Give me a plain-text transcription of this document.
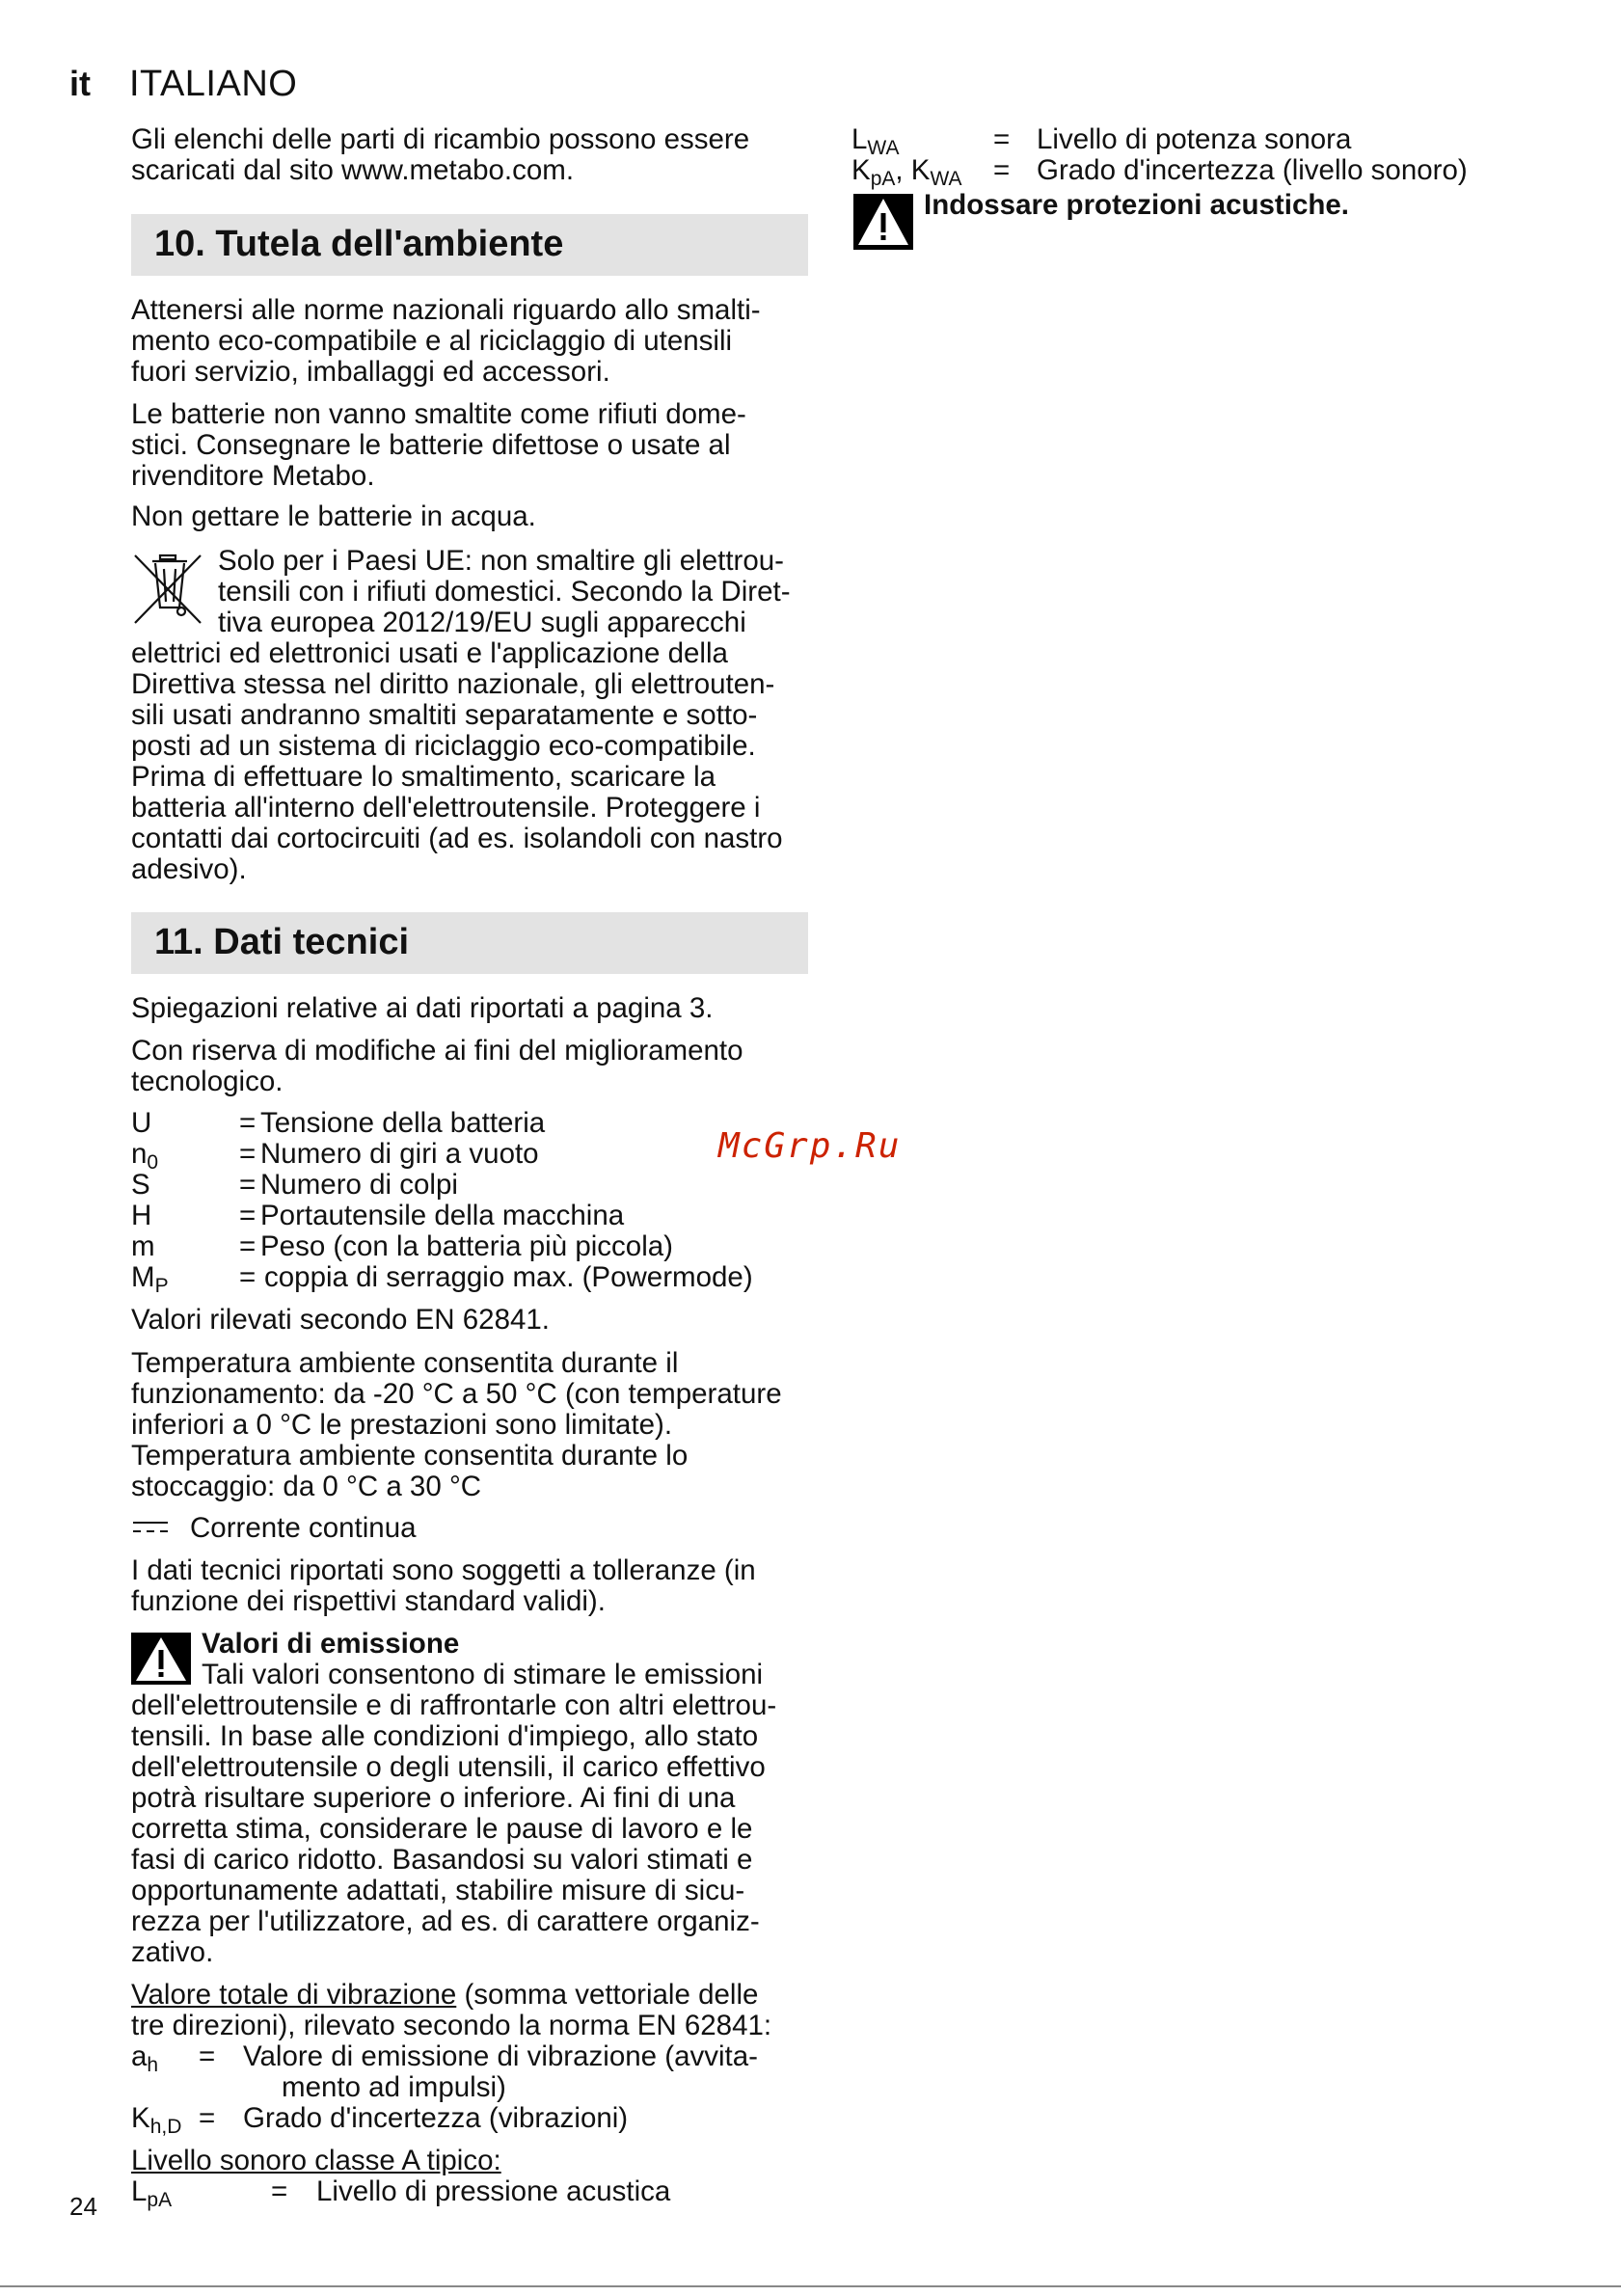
it ITALIANO

Gli elenchi delle parti di ricambio possono essere scaricati dal sito www.metabo.com.

10. Tutela dell'ambiente
Attenersi alle norme nazionali riguardo allo smalti-
mento eco-compatibile e al riciclaggio di utensili
fuori servizio, imballaggi ed accessori.
Le batterie non vanno smaltite come rifiuti dome-
stici. Consegnare le batterie difettose o usate al
rivenditore Metabo.
Non gettare le batterie in acqua.
Solo per i Paesi UE: non smaltire gli elettrou-
tensili con i rifiuti domestici. Secondo la Diret-
tiva europea 2012/19/EU sugli apparecchi
elettrici ed elettronici usati e l'applicazione della
Direttiva stessa nel diritto nazionale, gli elettrouten-
sili usati andranno smaltiti separatamente e sotto-
posti ad un sistema di riciclaggio eco-compatibile.
Prima di effettuare lo smaltimento, scaricare la
batteria all'interno dell'elettroutensile. Proteggere i
contatti dai cortocircuiti (ad es. isolandoli con nastro
adesivo).
11. Dati tecnici
Spiegazioni relative ai dati riportati a pagina 3.
Con riserva di modifiche ai fini del miglioramento
tecnologico.
U	= Tensione della batteria
$n_0$	= Numero di giri a vuoto
S	= Numero di colpi
H	= Portautensile della macchina
m	= Peso (con la batteria più piccola)
$M_P$ = coppia di serraggio max. (Powermode)
Valori rilevati secondo EN 62841.
Temperatura ambiente consentita durante il
funzionamento: da -20 °C a 50 °C (con temperature
inferiori a 0 °C le prestazioni sono limitate).
Temperatura ambiente consentita durante lo
stoccaggio: da 0 °C a 30 °C
Corrente continua
I dati tecnici riportati sono soggetti a tolleranze (in
funzione dei rispettivi standard validi).
Valori di emissione
Tali valori consentono di stimare le emissioni
dell'elettroutensile e di raffrontarle con altri elettrou-
tensili. In base alle condizioni d'impiego, allo stato
dell'elettroutensile o degli utensili, il carico effettivo
potrà risultare superiore o inferiore. Ai fini di una
corretta stima, considerare le pause di lavoro e le
fasi di carico ridotto. Basandosi su valori stimati e
opportunamente adattati, stabilire misure di sicu-
rezza per l'utilizzatore, ad es. di carattere organiz-
zativo.
Valore totale di vibrazione (somma vettoriale delle
tre direzioni), rilevato secondo la norma EN 62841:
$a_h$ = Valore di emissione di vibrazione (avvita-
mento ad impulsi)
$K_{h,D}$ = Grado d'incertezza (vibrazioni)
Livello sonoro classe A tipico:
$L_{pA}$	= Livello di pressione acustica
24
$L_{WA}$	= Livello di potenza sonora
$K_{pA}$, $K_{WA}$ = Grado d'incertezza (livello sonoro)
Indossare protezioni acustiche.
McGrp.Ru
